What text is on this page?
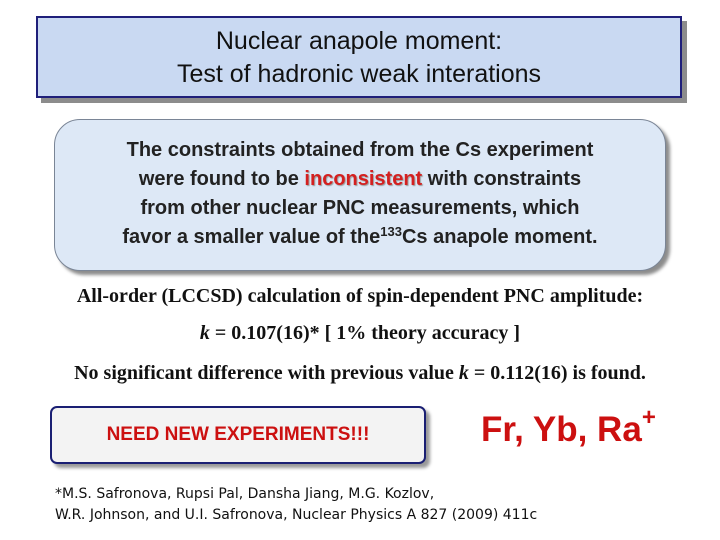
Nuclear anapole moment:
Test of hadronic weak interations
The constraints obtained from the Cs experiment
were found to be inconsistent with constraints
from other nuclear PNC measurements, which
favor a smaller value of the$^{133}$Cs anapole moment.
All-order (LCCSD) calculation of spin-dependent PNC amplitude:
k = 0.107(16)* [ 1% theory accuracy ]
No significant difference with previous value k = 0.112(16) is found.
NEED NEW EXPERIMENTS!!!	Fr, Yb, Ra+
*M.S. Safronova, Rupsi Pal, Dansha Jiang, M.G. Kozlov,
W.R. Johnson, and U.I. Safronova, Nuclear Physics A 827 (2009) 411c
